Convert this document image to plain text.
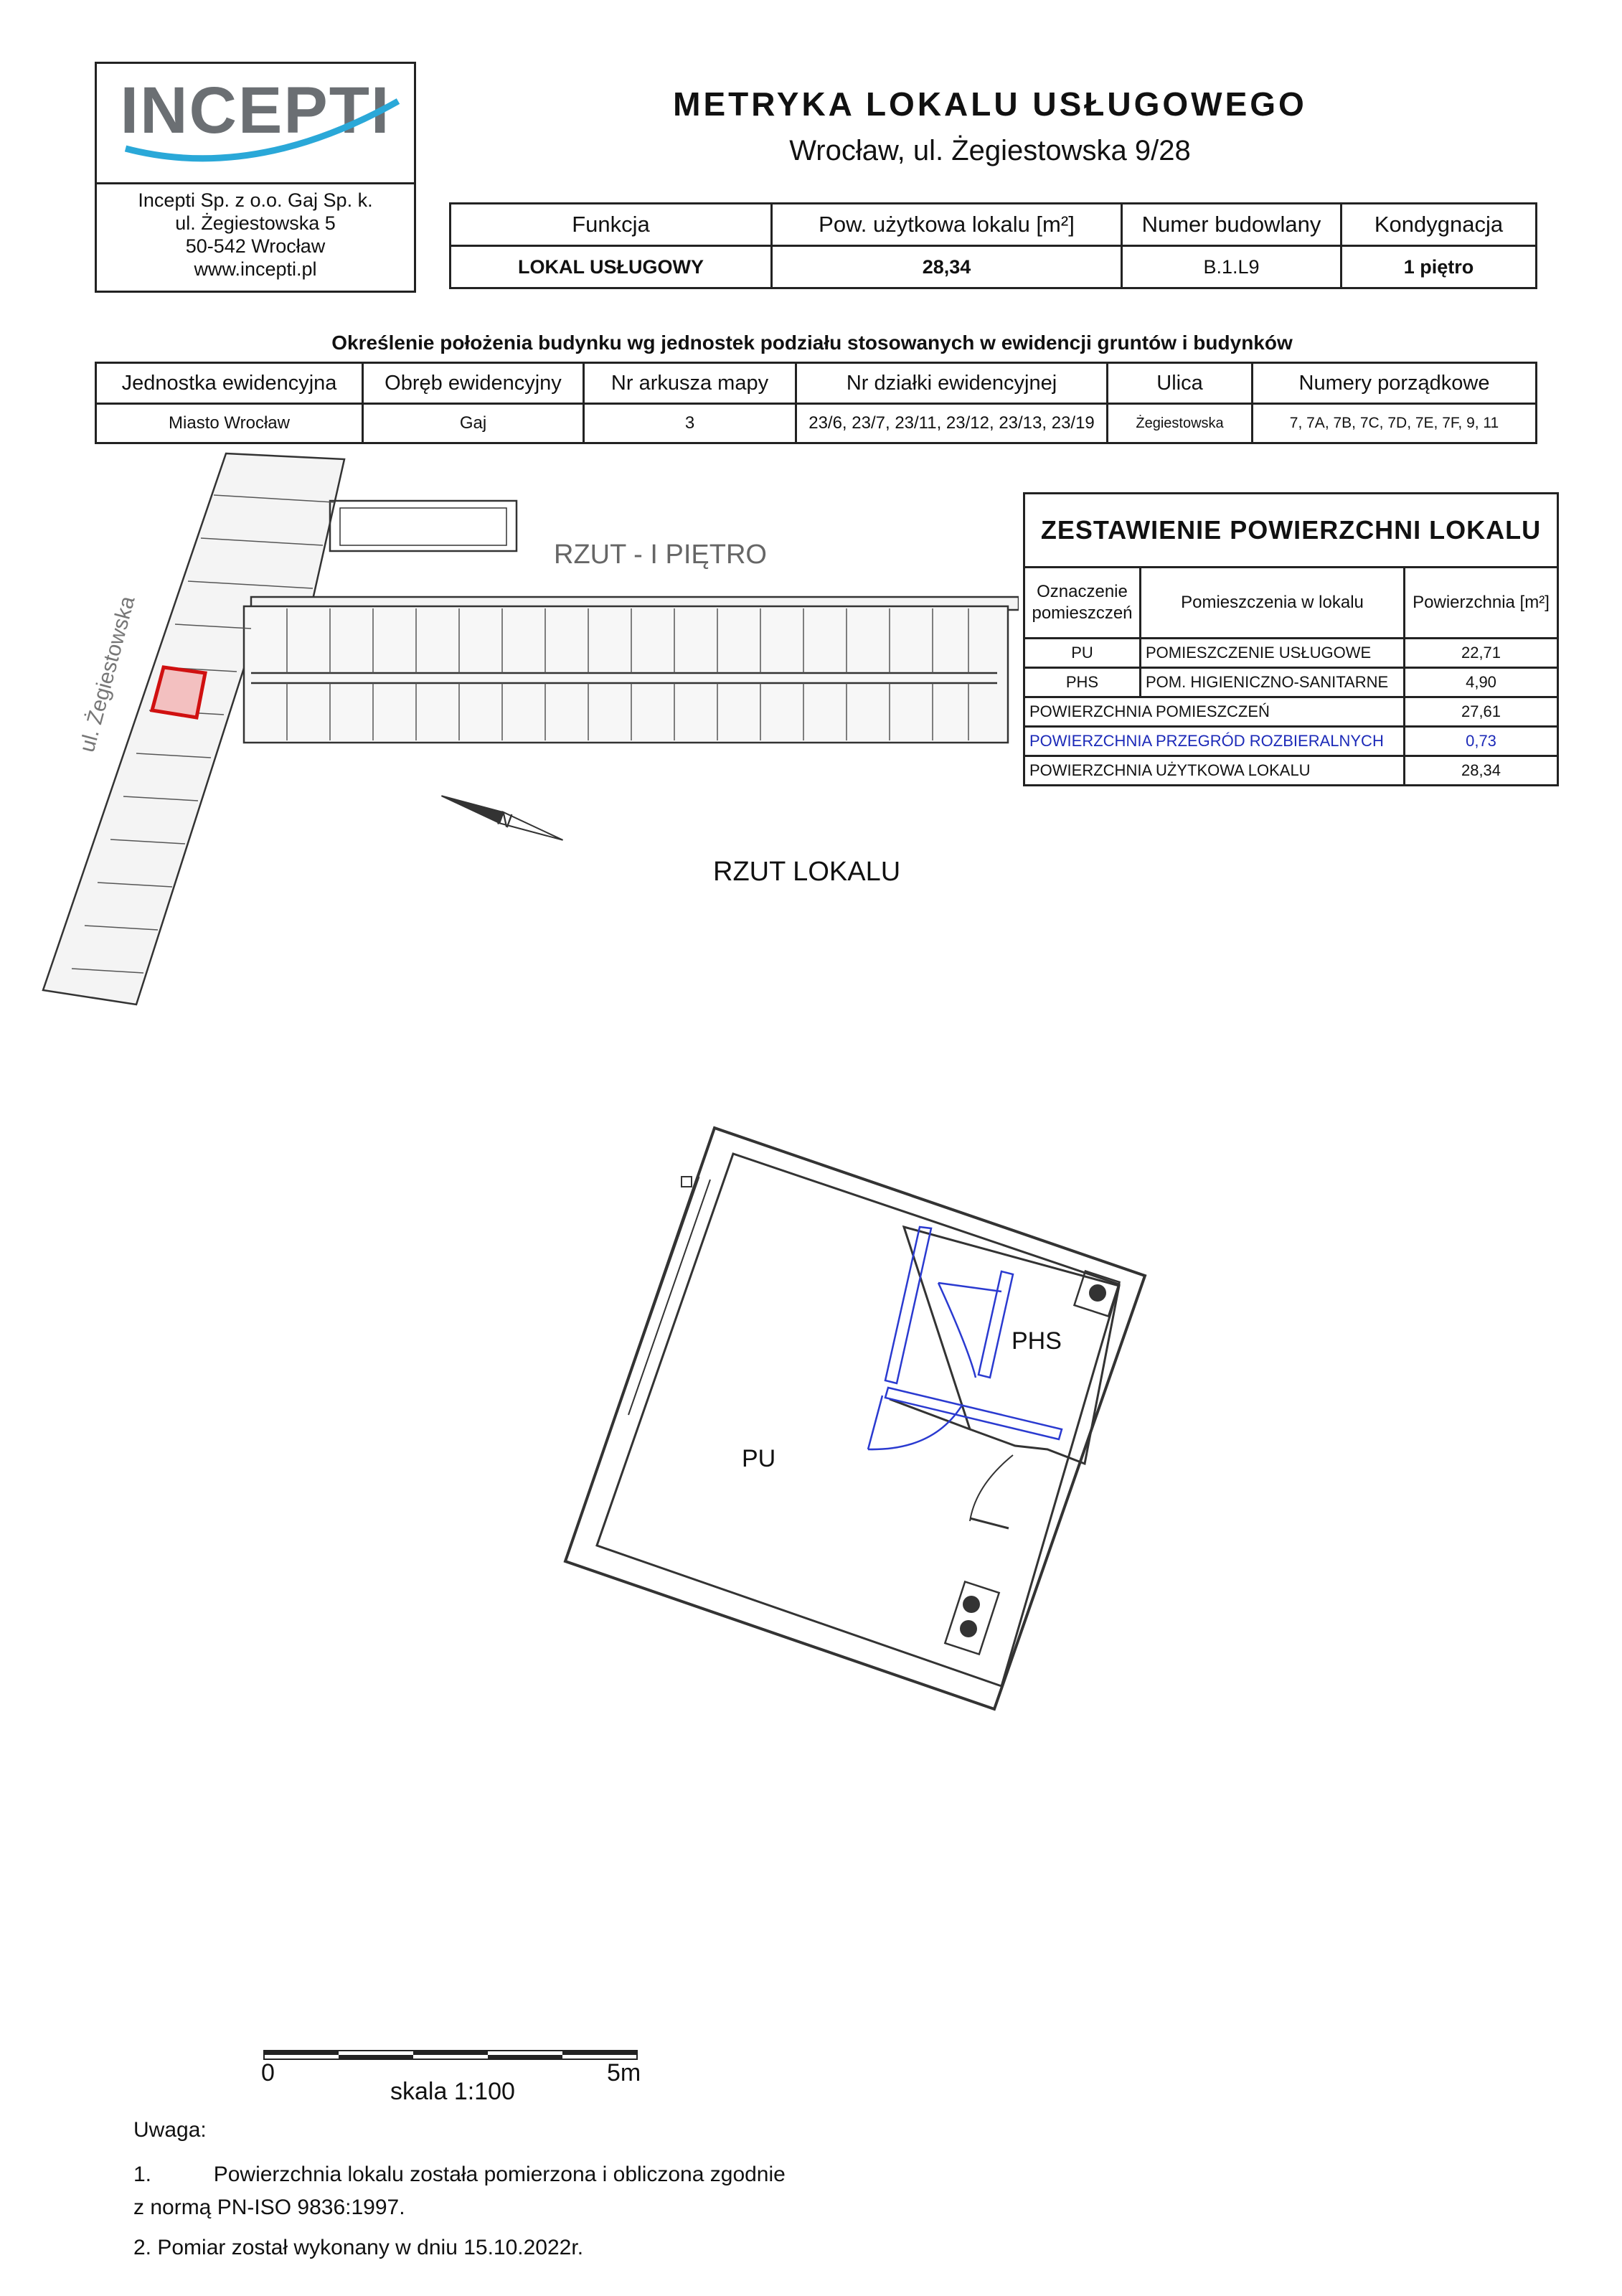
INCEPTI
Incepti Sp. z o.o. Gaj Sp. k.
ul. Żegiestowska 5
50-542 Wrocław
www.incepti.pl
METRYKA LOKALU USŁUGOWEGO
Wrocław, ul. Żegiestowska 9/28
Funkcja	Pow. użytkowa lokalu [m²]	Numer budowlany	Kondygnacja
LOKAL USŁUGOWY	28,34	B.1.L9	1 piętro
Określenie położenia budynku wg jednostek podziału stosowanych w ewidencji gruntów i budynków
Jednostka ewidencyjna	Obręb ewidencyjny	Nr arkusza mapy	Nr działki ewidencyjnej	Ulica	Numery porządkowe
Miasto Wrocław	Gaj	3	23/6, 23/7, 23/11, 23/12, 23/13, 23/19	Żegiestowska	7, 7A, 7B, 7C, 7D, 7E, 7F, 9, 11
ZESTAWIENIE POWIERZCHNI LOKALU		
Oznaczenie pomieszczeń	Pomieszczenia w lokalu	Powierzchnia [m²]
PU	POMIESZCZENIE USŁUGOWE	22,71
PHS	POM. HIGIENICZNO-SANITARNE	4,90
POWIERZCHNIA POMIESZCZEŃ		27,61
POWIERZCHNIA PRZEGRÓD ROZBIERALNYCH		0,73
POWIERZCHNIA UŻYTKOWA LOKALU		28,34
RZUT - I PIĘTRO
ul. Żegiestowska
N
RZUT LOKALU
PU
PHS
0	5m
skala 1:100
Uwaga:
1.	Powierzchnia lokalu została pomierzona i obliczona zgodnie
z normą PN-ISO 9836:1997.
2. Pomiar został wykonany w dniu 15.10.2022r.
